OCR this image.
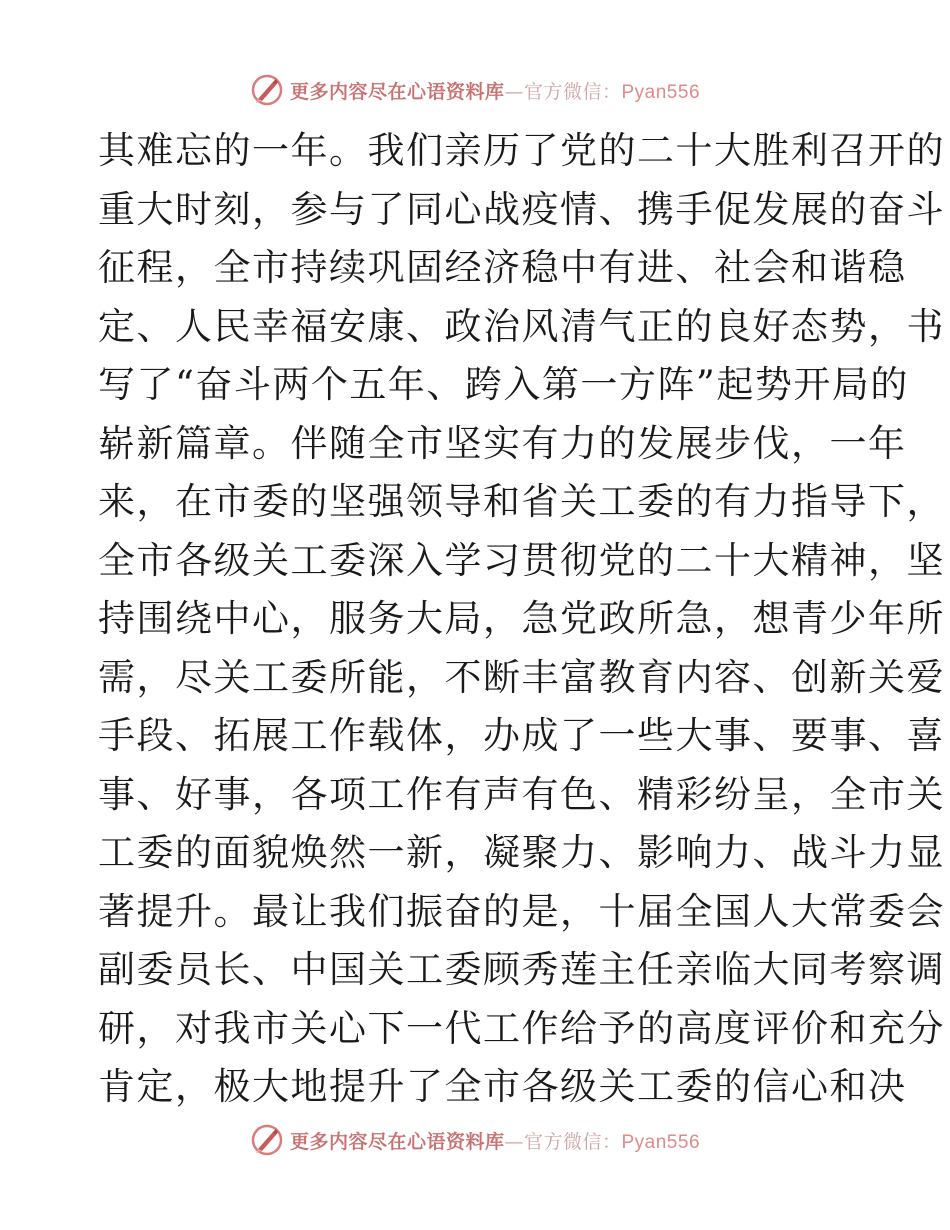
更多内容尽在心语资料库—官方微信：Pyan556
其难忘的一年。我们亲历了党的二十大胜利召开的
重大时刻，参与了同心战疫情、携手促发展的奋斗
征程，全市持续巩固经济稳中有进、社会和谐稳
定、人民幸福安康、政治风清气正的良好态势，书
写了“奋斗两个五年、跨入第一方阵”起势开局的
崭新篇章。伴随全市坚实有力的发展步伐，一年
来，在市委的坚强领导和省关工委的有力指导下，
全市各级关工委深入学习贯彻党的二十大精神，坚
持围绕中心，服务大局，急党政所急，想青少年所
需，尽关工委所能，不断丰富教育内容、创新关爱
手段、拓展工作载体，办成了一些大事、要事、喜
事、好事，各项工作有声有色、精彩纷呈，全市关
工委的面貌焕然一新，凝聚力、影响力、战斗力显
著提升。最让我们振奋的是，十届全国人大常委会
副委员长、中国关工委顾秀莲主任亲临大同考察调
研，对我市关心下一代工作给予的高度评价和充分
肯定，极大地提升了全市各级关工委的信心和决
更多内容尽在心语资料库—官方微信：Pyan556
